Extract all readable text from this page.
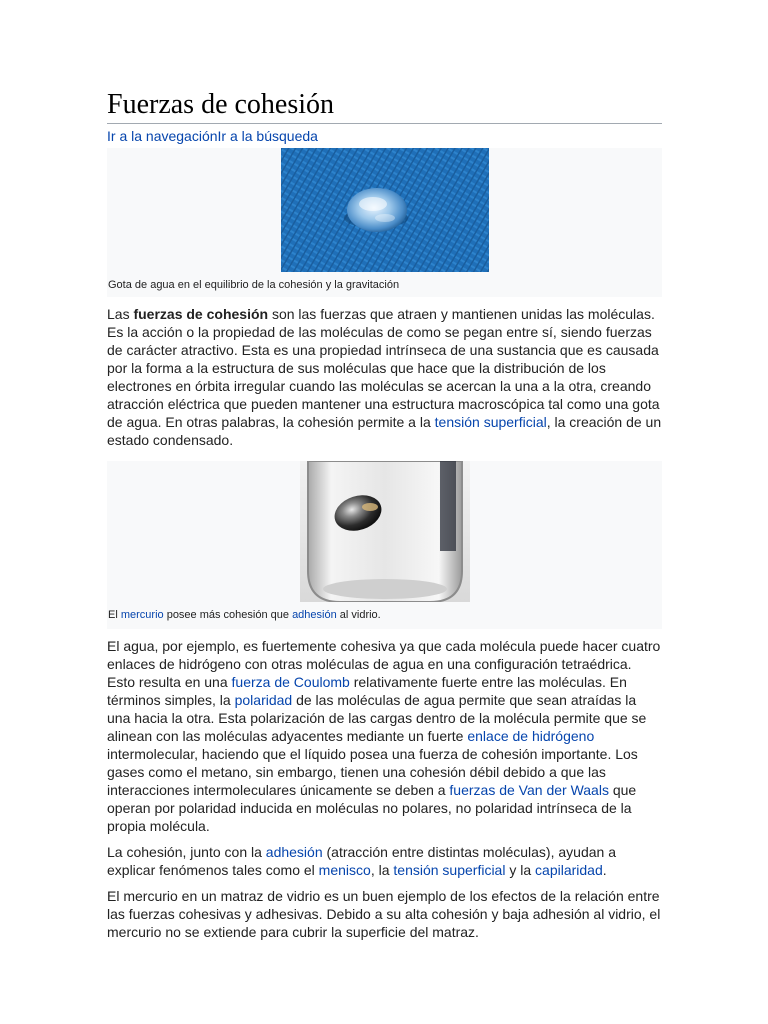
Fuerzas de cohesión
Ir a la navegaciónIr a la búsqueda
Gota de agua en el equilibrio de la cohesión y la gravitación

Las fuerzas de cohesión son las fuerzas que atraen y mantienen unidas las moléculas. Es la acción o la propiedad de las moléculas de como se pegan entre sí, siendo fuerzas de carácter atractivo. Esta es una propiedad intrínseca de una sustancia que es causada por la forma a la estructura de sus moléculas que hace que la distribución de los electrones en órbita irregular cuando las moléculas se acercan la una a la otra, creando atracción eléctrica que pueden mantener una estructura macroscópica tal como una gota de agua. En otras palabras, la cohesión permite a la tensión superficial, la creación de un estado condensado.

El mercurio posee más cohesión que adhesión al vidrio.

El agua, por ejemplo, es fuertemente cohesiva ya que cada molécula puede hacer cuatro enlaces de hidrógeno con otras moléculas de agua en una configuración tetraédrica. Esto resulta en una fuerza de Coulomb relativamente fuerte entre las moléculas. En términos simples, la polaridad de las moléculas de agua permite que sean atraídas la una hacia la otra. Esta polarización de las cargas dentro de la molécula permite que se alinean con las moléculas adyacentes mediante un fuerte enlace de hidrógeno intermolecular, haciendo que el líquido posea una fuerza de cohesión importante. Los gases como el metano, sin embargo, tienen una cohesión débil debido a que las interacciones intermoleculares únicamente se deben a fuerzas de Van der Waals que operan por polaridad inducida en moléculas no polares, no polaridad intrínseca de la propia molécula.

La cohesión, junto con la adhesión (atracción entre distintas moléculas), ayudan a explicar fenómenos tales como el menisco, la tensión superficial y la capilaridad.

El mercurio en un matraz de vidrio es un buen ejemplo de los efectos de la relación entre las fuerzas cohesivas y adhesivas. Debido a su alta cohesión y baja adhesión al vidrio, el mercurio no se extiende para cubrir la superficie del matraz.
